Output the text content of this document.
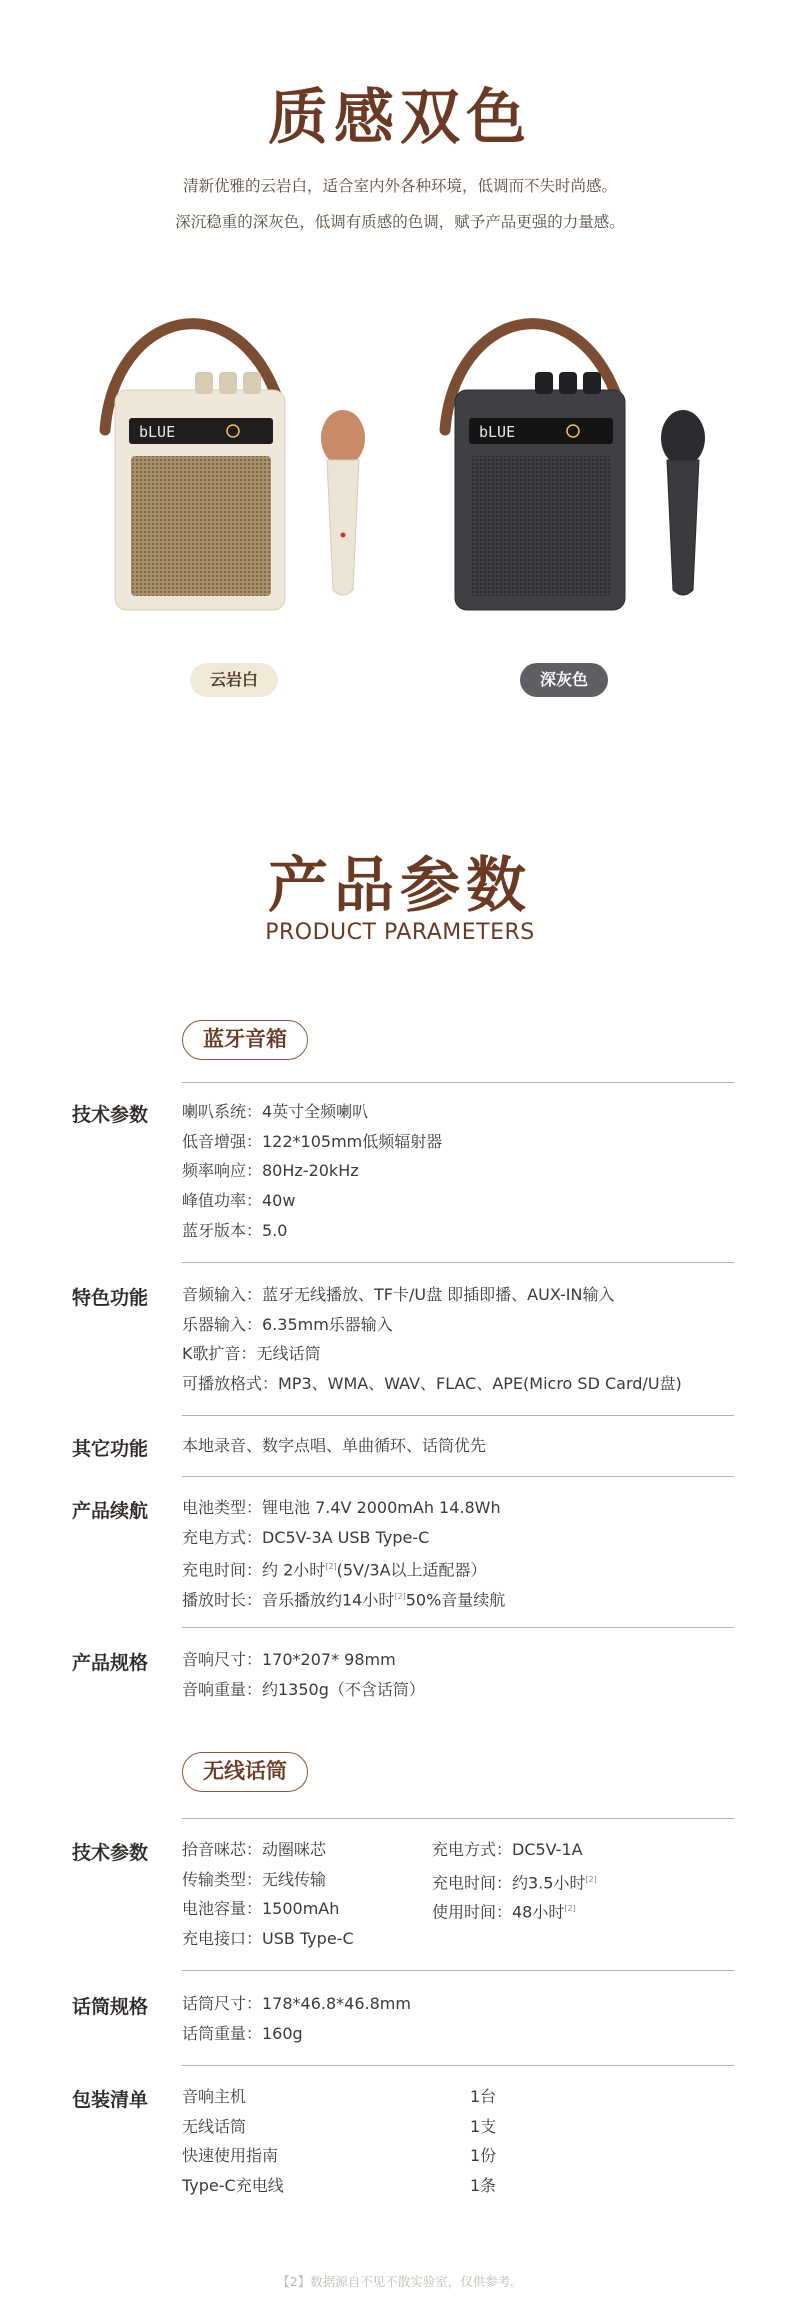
质感双色
清新优雅的云岩白，适合室内外各种环境，低调而不失时尚感。
深沉稳重的深灰色，低调有质感的色调，赋予产品更强的力量感。
bLUE	bLUE
云岩白	深灰色
产品参数
PRODUCT PARAMETERS
蓝牙音箱
技术参数 喇叭系统：4英寸全频喇叭
低音增强：122*105mm低频辐射器
频率响应：80Hz-20kHz
峰值功率：40w
蓝牙版本：5.0
特色功能 音频输入：蓝牙无线播放、TF卡/U盘 即插即播、AUX-IN输入
乐器输入：6.35mm乐器输入
K歌扩音：无线话筒
可播放格式：MP3、WMA、WAV、FLAC、APE(Micro SD Card/U盘)
其它功能 本地录音、数字点唱、单曲循环、话筒优先
产品续航 电池类型：锂电池 7.4V 2000mAh 14.8Wh
充电方式：DC5V-3A USB Type-C
充电时间：约 2小时[2](5V/3A以上适配器）
播放时长：音乐播放约14小时[2]50%音量续航
产品规格 音响尺寸：170*207* 98mm
音响重量：约1350g（不含话筒）
无线话筒
技术参数 拾音咪芯：动圈咪芯
传输类型：无线传输
电池容量：1500mAh
充电接口：USB Type-C
充电方式：DC5V-1A
充电时间：约3.5小时[2]
使用时间：48小时[2]
话筒规格 话筒尺寸：178*46.8*46.8mm
话筒重量：160g
包装清单 音响主机	1台
无线话筒	1支
快速使用指南	1份
Type-C充电线	1条
【2】数据源自不见不散实验室，仅供参考。
